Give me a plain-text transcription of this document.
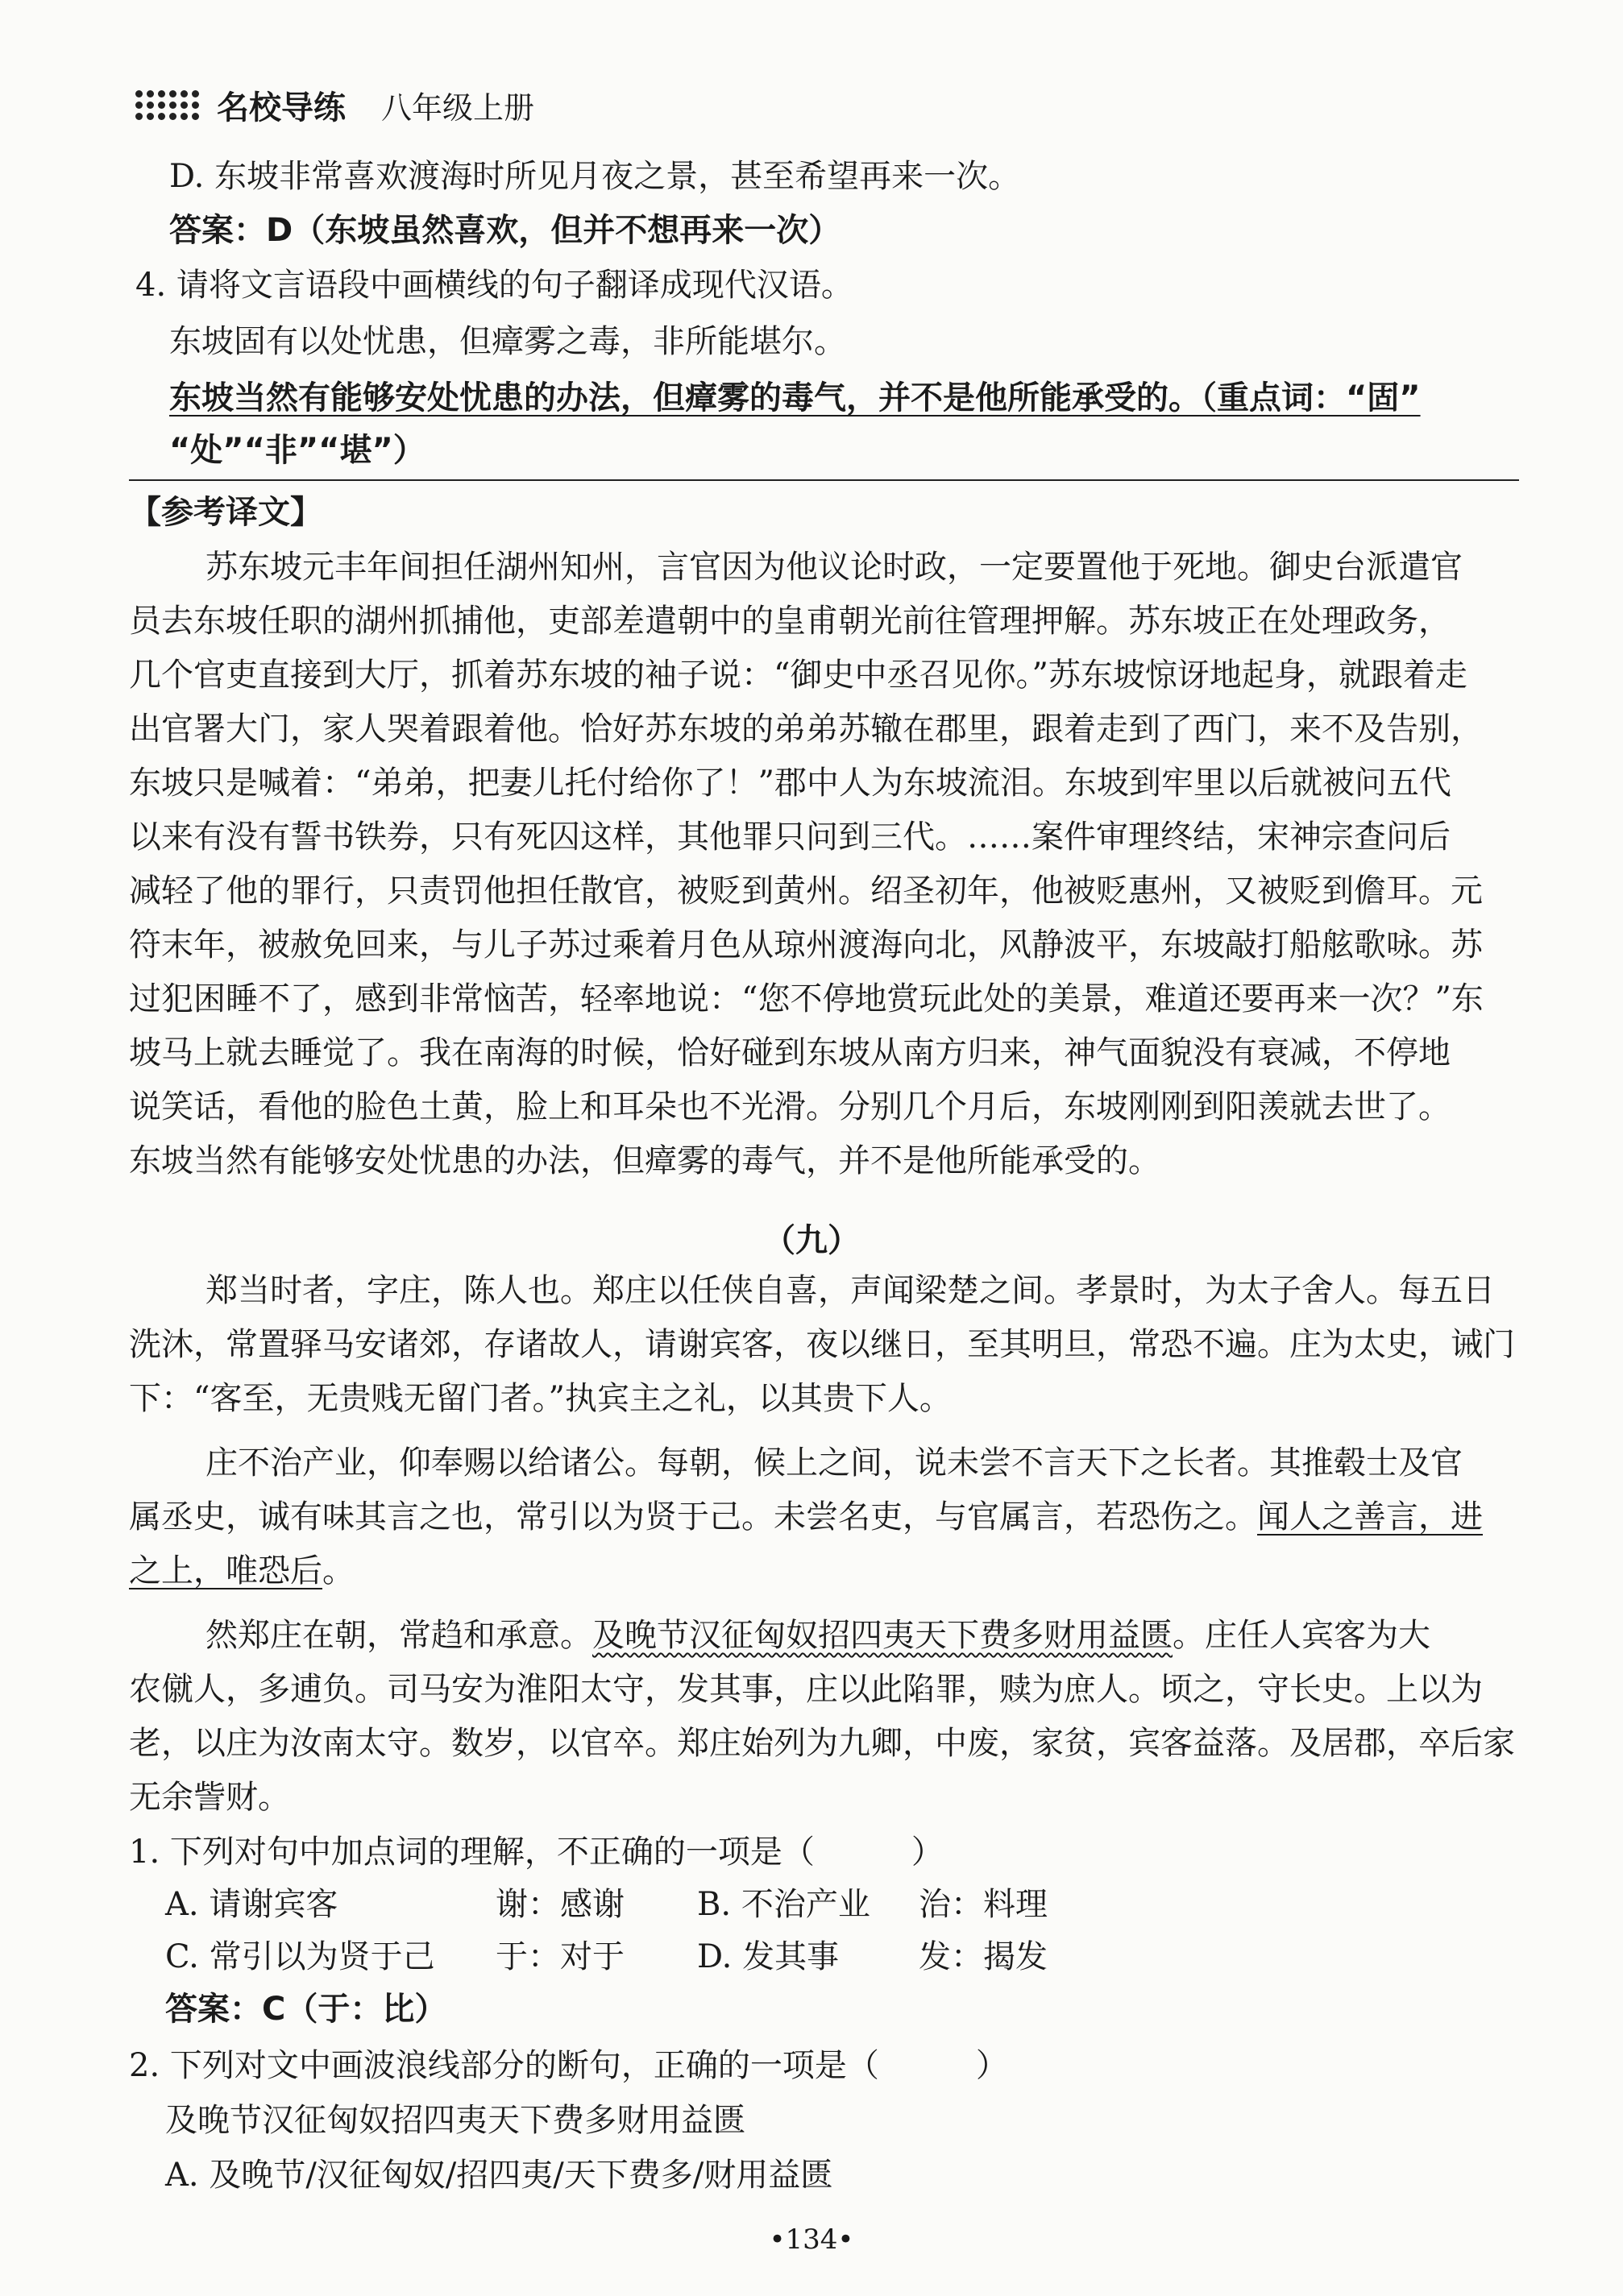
名校导练 八年级上册
D. 东坡非常喜欢渡海时所见月夜之景，甚至希望再来一次。
答案：D（东坡虽然喜欢，但并不想再来一次）
4. 请将文言语段中画横线的句子翻译成现代汉语。
东坡固有以处忧患，但瘴雾之毒，非所能堪尔。
东坡当然有能够安处忧患的办法，但瘴雾的毒气，并不是他所能承受的。（重点词：“固”
“处”“非”“堪”）
【参考译文】
苏东坡元丰年间担任湖州知州，言官因为他议论时政，一定要置他于死地。御史台派遣官
员去东坡任职的湖州抓捕他，吏部差遣朝中的皇甫朝光前往管理押解。苏东坡正在处理政务，
几个官吏直接到大厅，抓着苏东坡的袖子说：“御史中丞召见你。”苏东坡惊讶地起身，就跟着走
出官署大门，家人哭着跟着他。恰好苏东坡的弟弟苏辙在郡里，跟着走到了西门，来不及告别，
东坡只是喊着：“弟弟，把妻儿托付给你了！”郡中人为东坡流泪。东坡到牢里以后就被问五代
以来有没有誓书铁券，只有死囚这样，其他罪只问到三代。……案件审理终结，宋神宗查问后
减轻了他的罪行，只责罚他担任散官，被贬到黄州。绍圣初年，他被贬惠州，又被贬到儋耳。元
符末年，被赦免回来，与儿子苏过乘着月色从琼州渡海向北，风静波平，东坡敲打船舷歌咏。苏
过犯困睡不了，感到非常恼苦，轻率地说：“您不停地赏玩此处的美景，难道还要再来一次？”东
坡马上就去睡觉了。我在南海的时候，恰好碰到东坡从南方归来，神气面貌没有衰减，不停地
说笑话，看他的脸色土黄，脸上和耳朵也不光滑。分别几个月后，东坡刚刚到阳羡就去世了。
东坡当然有能够安处忧患的办法，但瘴雾的毒气，并不是他所能承受的。
（九）
郑当时者，字庄，陈人也。郑庄以任侠自喜，声闻梁楚之间。孝景时，为太子舍人。每五日
洗沐，常置驿马安诸郊，存诸故人，请谢宾客，夜以继日，至其明旦，常恐不遍。庄为太史，诫门
下：“客至，无贵贱无留门者。”执宾主之礼，以其贵下人。
庄不治产业，仰奉赐以给诸公。每朝，候上之间，说未尝不言天下之长者。其推毂士及官
属丞史，诚有味其言之也，常引以为贤于己。未尝名吏，与官属言，若恐伤之。闻人之善言，进
之上，唯恐后。
然郑庄在朝，常趋和承意。及晚节汉征匈奴招四夷天下费多财用益匮。庄任人宾客为大
农僦人，多逋负。司马安为淮阳太守，发其事，庄以此陷罪，赎为庶人。顷之，守长史。上以为
老，以庄为汝南太守。数岁，以官卒。郑庄始列为九卿，中废，家贫，宾客益落。及居郡，卒后家
无余訾财。
1. 下列对句中加点词的理解，不正确的一项是（	）
A. 请谢宾客	谢：感谢 B. 不治产业 治：料理
C. 常引以为贤于己 于：对于 D. 发其事 发：揭发
答案：C（于：比）
2. 下列对文中画波浪线部分的断句，正确的一项是（	）
及晚节汉征匈奴招四夷天下费多财用益匮
A. 及晚节/汉征匈奴/招四夷/天下费多/财用益匮
•134•
